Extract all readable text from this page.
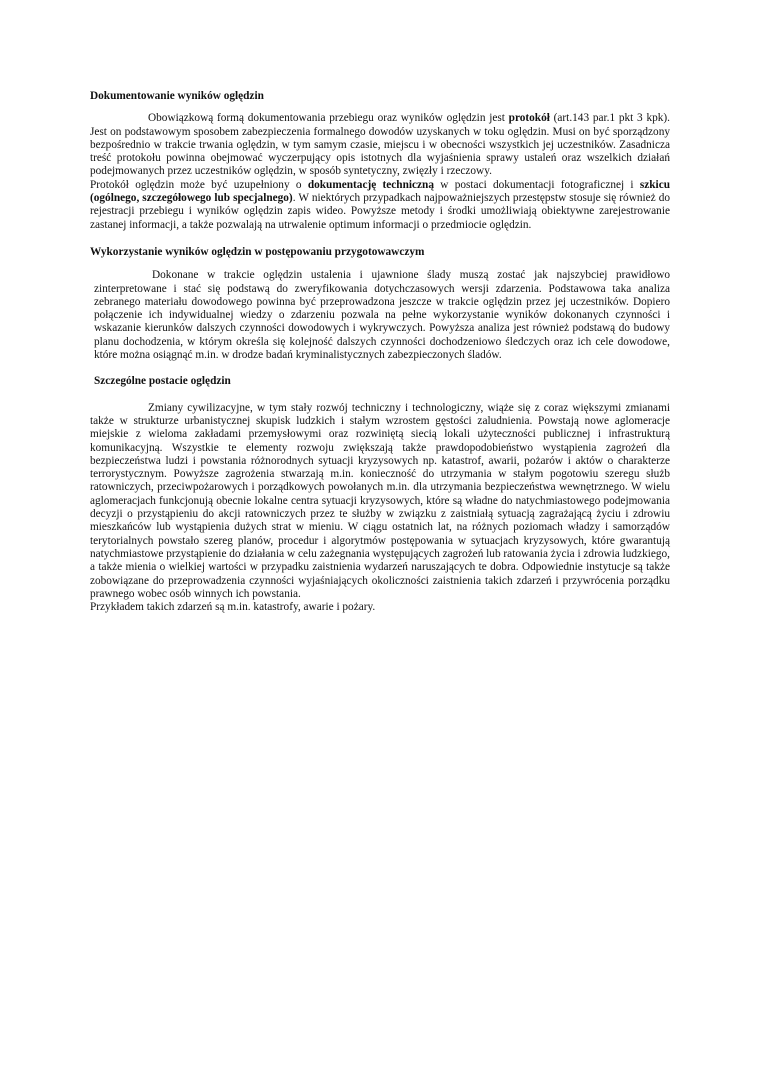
Dokumentowanie wyników oględzin

Obowiązkową formą dokumentowania przebiegu oraz wyników oględzin jest protokół (art.143 par.1 pkt 3 kpk). Jest on podstawowym sposobem zabezpieczenia formalnego dowodów uzyskanych w toku oględzin. Musi on być sporządzony bezpośrednio w trakcie trwania oględzin, w tym samym czasie, miejscu i w obecności wszystkich jej uczestników. Zasadnicza treść protokołu powinna obejmować wyczerpujący opis istotnych dla wyjaśnienia sprawy ustaleń oraz wszelkich działań podejmowanych przez uczestników oględzin, w sposób syntetyczny, zwięzły i rzeczowy.

Protokół oględzin może być uzupełniony o dokumentację techniczną w postaci dokumentacji fotograficznej i szkicu (ogólnego, szczegółowego lub specjalnego). W niektórych przypadkach najpoważniejszych przestępstw stosuje się również do rejestracji przebiegu i wyników oględzin zapis wideo. Powyższe metody i środki umożliwiają obiektywne zarejestrowanie zastanej informacji, a także pozwalają na utrwalenie optimum informacji o przedmiocie oględzin.

Wykorzystanie wyników oględzin w postępowaniu przygotowawczym

Dokonane w trakcie oględzin ustalenia i ujawnione ślady muszą zostać jak najszybciej prawidłowo zinterpretowane i stać się podstawą do zweryfikowania dotychczasowych wersji zdarzenia. Podstawowa taka analiza zebranego materiału dowodowego powinna być przeprowadzona jeszcze w trakcie oględzin przez jej uczestników. Dopiero połączenie ich indywidualnej wiedzy o zdarzeniu pozwala na pełne wykorzystanie wyników dokonanych czynności i wskazanie kierunków dalszych czynności dowodowych i wykrywczych. Powyższa analiza jest również podstawą do budowy planu dochodzenia, w którym określa się kolejność dalszych czynności dochodzeniowo śledczych oraz ich cele dowodowe, które można osiągnąć m.in. w drodze badań kryminalistycznych zabezpieczonych śladów.

Szczególne postacie oględzin

Zmiany cywilizacyjne, w tym stały rozwój techniczny i technologiczny, wiąże się z coraz większymi zmianami także w strukturze urbanistycznej skupisk ludzkich i stałym wzrostem gęstości zaludnienia. Powstają nowe aglomeracje miejskie z wieloma zakładami przemysłowymi oraz rozwiniętą siecią lokali użyteczności publicznej i infrastrukturą komunikacyjną. Wszystkie te elementy rozwoju zwiększają także prawdopodobieństwo wystąpienia zagrożeń dla bezpieczeństwa ludzi i powstania różnorodnych sytuacji kryzysowych np. katastrof, awarii, pożarów i aktów o charakterze terrorystycznym. Powyższe zagrożenia stwarzają m.in. konieczność do utrzymania w stałym pogotowiu szeregu służb ratowniczych, przeciwpożarowych i porządkowych powołanych m.in. dla utrzymania bezpieczeństwa wewnętrznego. W wielu aglomeracjach funkcjonują obecnie lokalne centra sytuacji kryzysowych, które są władne do natychmiastowego podejmowania decyzji o przystąpieniu do akcji ratowniczych przez te służby w związku z zaistniałą sytuacją zagrażającą życiu i zdrowiu mieszkańców lub wystąpienia dużych strat w mieniu. W ciągu ostatnich lat, na różnych poziomach władzy i samorządów terytorialnych powstało szereg planów, procedur i algorytmów postępowania w sytuacjach kryzysowych, które gwarantują natychmiastowe przystąpienie do działania w celu zażegnania występujących zagrożeń lub ratowania życia i zdrowia ludzkiego, a także mienia o wielkiej wartości w przypadku zaistnienia wydarzeń naruszających te dobra. Odpowiednie instytucje są także zobowiązane do przeprowadzenia czynności wyjaśniających okoliczności zaistnienia takich zdarzeń i przywrócenia porządku prawnego wobec osób winnych ich powstania.

Przykładem takich zdarzeń są m.in. katastrofy, awarie i pożary.
